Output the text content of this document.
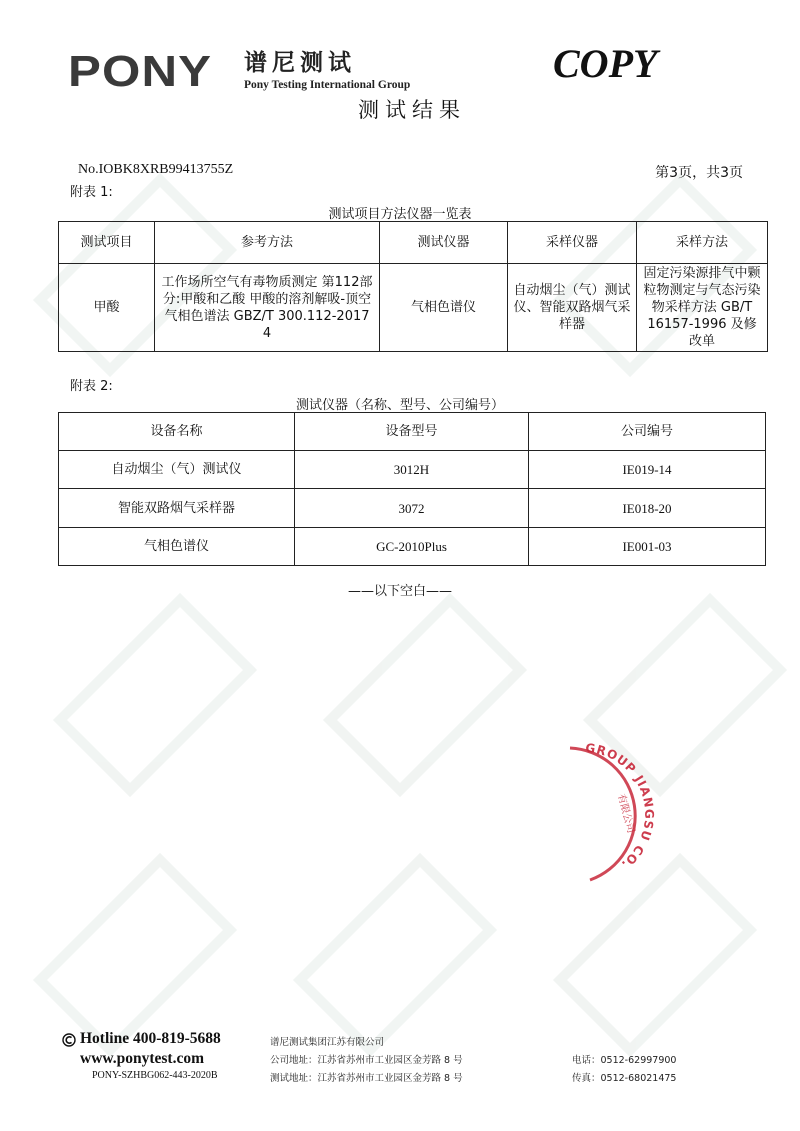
PONY 谱尼测试
Pony Testing International Group	COPY
测试结果
No.IOBK8XRB99413755Z	第3页，共3页
附表 1:
测试项目方法仪器一览表
测试项目	参考方法	测试仪器	采样仪器	采样方法
甲酸	工作场所空气有毒物质测定 第112部分:甲酸和乙酸 甲酸的溶剂解吸-顶空气相色谱法 GBZ/T 300.112-2017 4	气相色谱仪	自动烟尘（气）测试仪、智能双路烟气采样器	固定污染源排气中颗粒物测定与气态污染物采样方法 GB/T 16157-1996 及修改单
附表 2:
测试仪器（名称、型号、公司编号）
设备名称	设备型号	公司编号
自动烟尘（气）测试仪	3012H	IE019-14
智能双路烟气采样器	3072	IE018-20
气相色谱仪	GC-2010Plus	IE001-03
——以下空白——
GROUP JIANGSU CO.
有限公司
Hotline 400-819-5688
www.ponytest.com
PONY-SZHBG062-443-2020B
谱尼测试集团江苏有限公司
公司地址：江苏省苏州市工业园区金芳路 8 号
测试地址：江苏省苏州市工业园区金芳路 8 号
电话：0512-62997900
传真：0512-68021475
